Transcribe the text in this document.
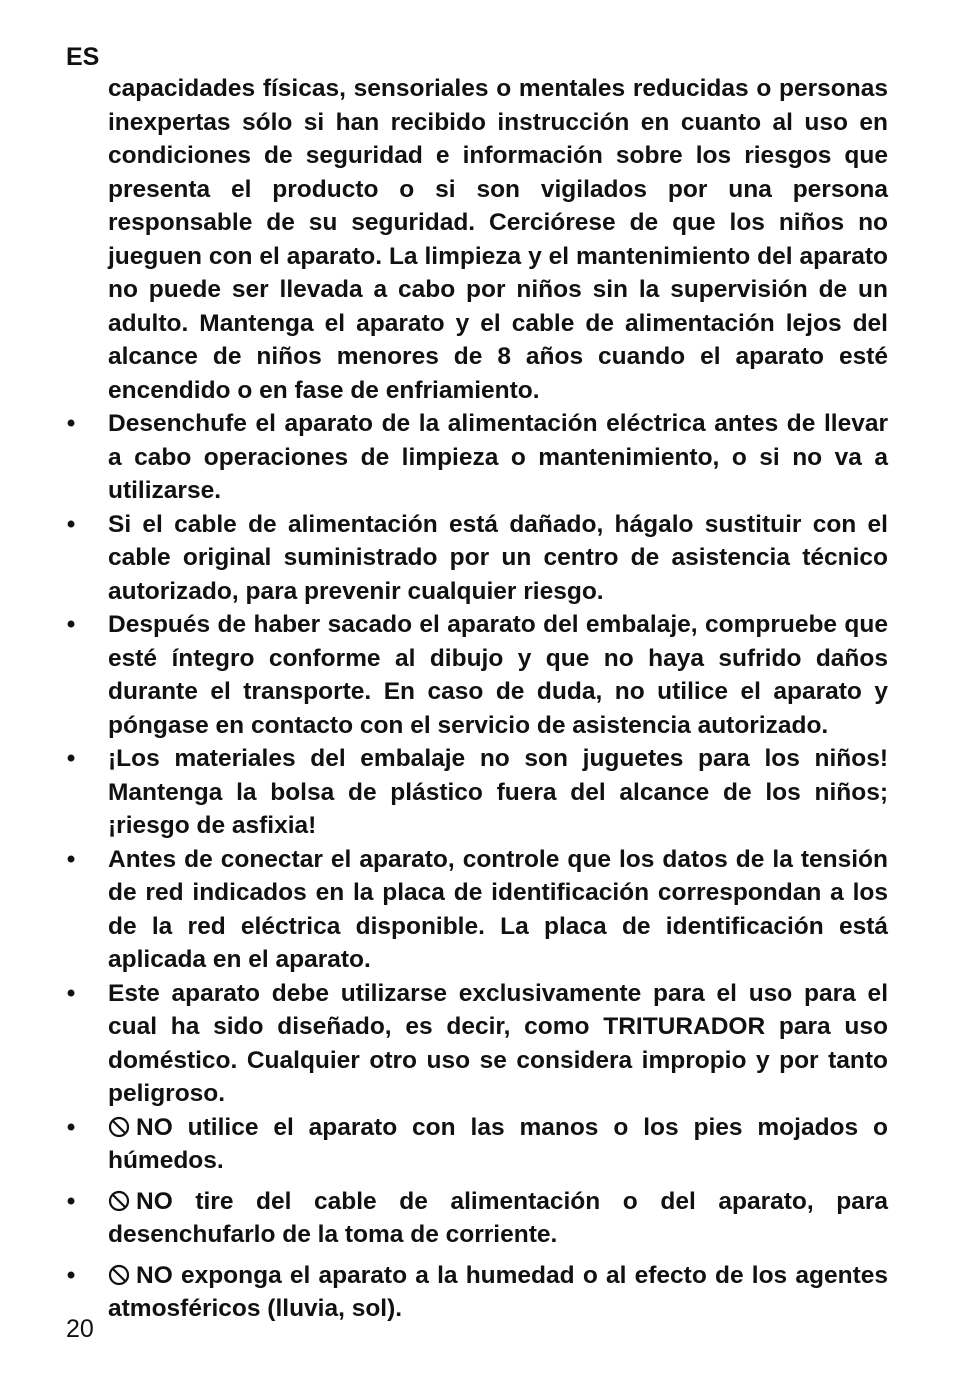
ES

capacidades físicas, sensoriales o mentales reducidas o personas inexpertas sólo si han recibido instrucción en cuanto al uso en condiciones de seguridad e información sobre los riesgos que presenta el producto o si son vigilados por una persona responsable de su seguridad. Cerciórese de que los niños no jueguen con el aparato. La limpieza y el mantenimiento del aparato no puede ser llevada a cabo por niños sin la supervisión de un adulto. Mantenga el aparato y el cable de alimentación lejos del alcance de niños menores de 8 años cuando el aparato esté encendido o en fase de enfriamiento.

• Desenchufe el aparato de la alimentación eléctrica antes de llevar a cabo operaciones de limpieza o mantenimiento, o si no va a utilizarse.
• Si el cable de alimentación está dañado, hágalo sustituir con el cable original suministrado por un centro de asistencia técnico autorizado, para prevenir cualquier riesgo.
• Después de haber sacado el aparato del embalaje, compruebe que esté íntegro conforme al dibujo y que no haya sufrido daños durante el transporte. En caso de duda, no utilice el aparato y póngase en contacto con el servicio de asistencia autorizado.
• ¡Los materiales del embalaje no son juguetes para los niños! Mantenga la bolsa de plástico fuera del alcance de los niños; ¡riesgo de asfixia!
• Antes de conectar el aparato, controle que los datos de la tensión de red indicados en la placa de identificación correspondan a los de la red eléctrica disponible. La placa de identificación está aplicada en el aparato.
• Este aparato debe utilizarse exclusivamente para el uso para el cual ha sido diseñado, es decir, como TRITURADOR para uso doméstico. Cualquier otro uso se considera impropio y por tanto peligroso.
• NO utilice el aparato con las manos o los pies mojados o húmedos.
• NO tire del cable de alimentación o del aparato, para desenchufarlo de la toma de corriente.
• NO exponga el aparato a la humedad o al efecto de los agentes atmosféricos (lluvia, sol).
20
